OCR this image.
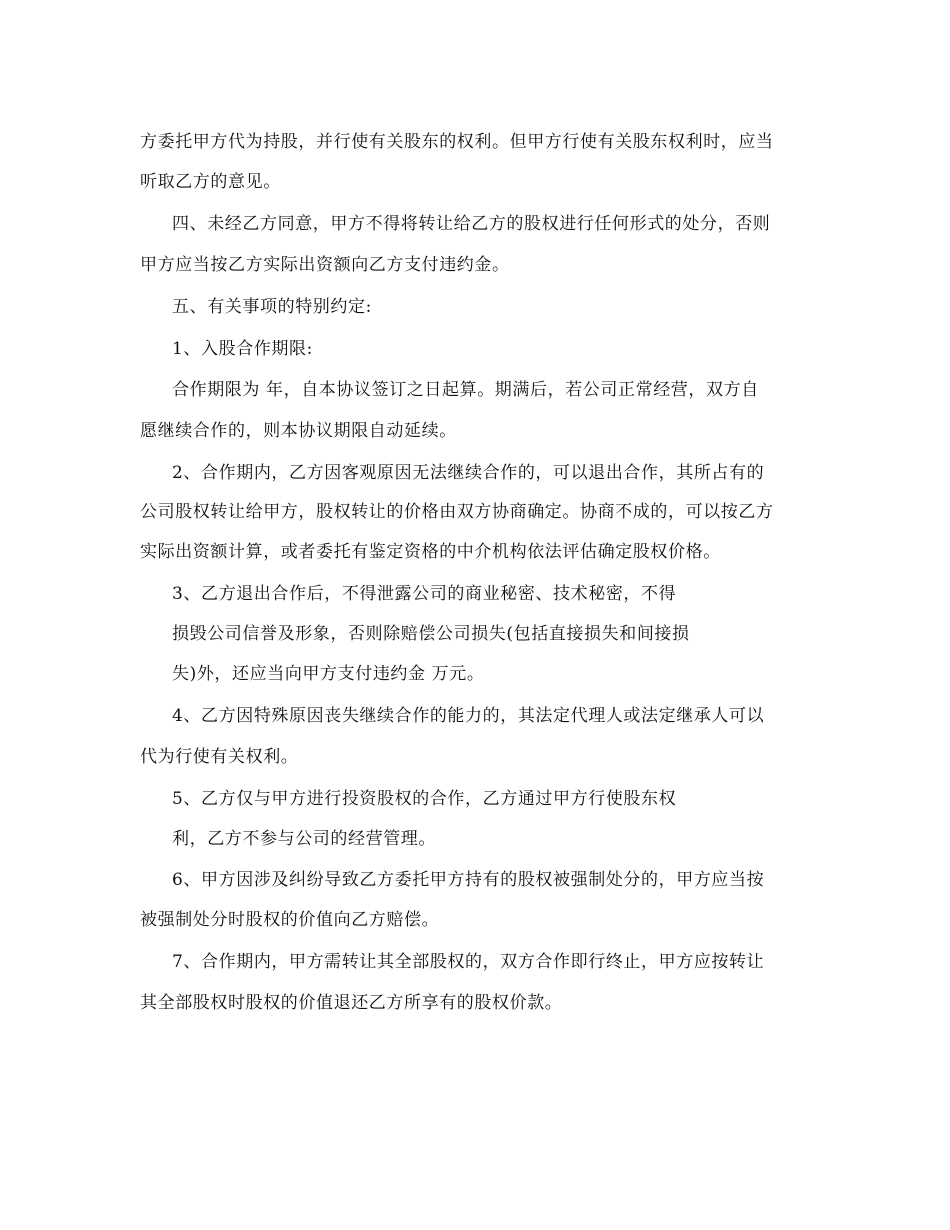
方委托甲方代为持股，并行使有关股东的权利。但甲方行使有关股东权利时，应当
听取乙方的意见。
四、未经乙方同意，甲方不得将转让给乙方的股权进行任何形式的处分，否则
甲方应当按乙方实际出资额向乙方支付违约金。
五、有关事项的特别约定:
1、入股合作期限:
合作期限为 年，自本协议签订之日起算。期满后，若公司正常经营，双方自
愿继续合作的，则本协议期限自动延续。
2、合作期内，乙方因客观原因无法继续合作的，可以退出合作，其所占有的
公司股权转让给甲方，股权转让的价格由双方协商确定。协商不成的，可以按乙方
实际出资额计算，或者委托有鉴定资格的中介机构依法评估确定股权价格。
3、乙方退出合作后，不得泄露公司的商业秘密、技术秘密，不得
损毁公司信誉及形象，否则除赔偿公司损失(包括直接损失和间接损
失)外，还应当向甲方支付违约金 万元。
4、乙方因特殊原因丧失继续合作的能力的，其法定代理人或法定继承人可以
代为行使有关权利。
5、乙方仅与甲方进行投资股权的合作，乙方通过甲方行使股东权
利，乙方不参与公司的经营管理。
6、甲方因涉及纠纷导致乙方委托甲方持有的股权被强制处分的，甲方应当按
被强制处分时股权的价值向乙方赔偿。
7、合作期内，甲方需转让其全部股权的，双方合作即行终止，甲方应按转让
其全部股权时股权的价值退还乙方所享有的股权价款。
